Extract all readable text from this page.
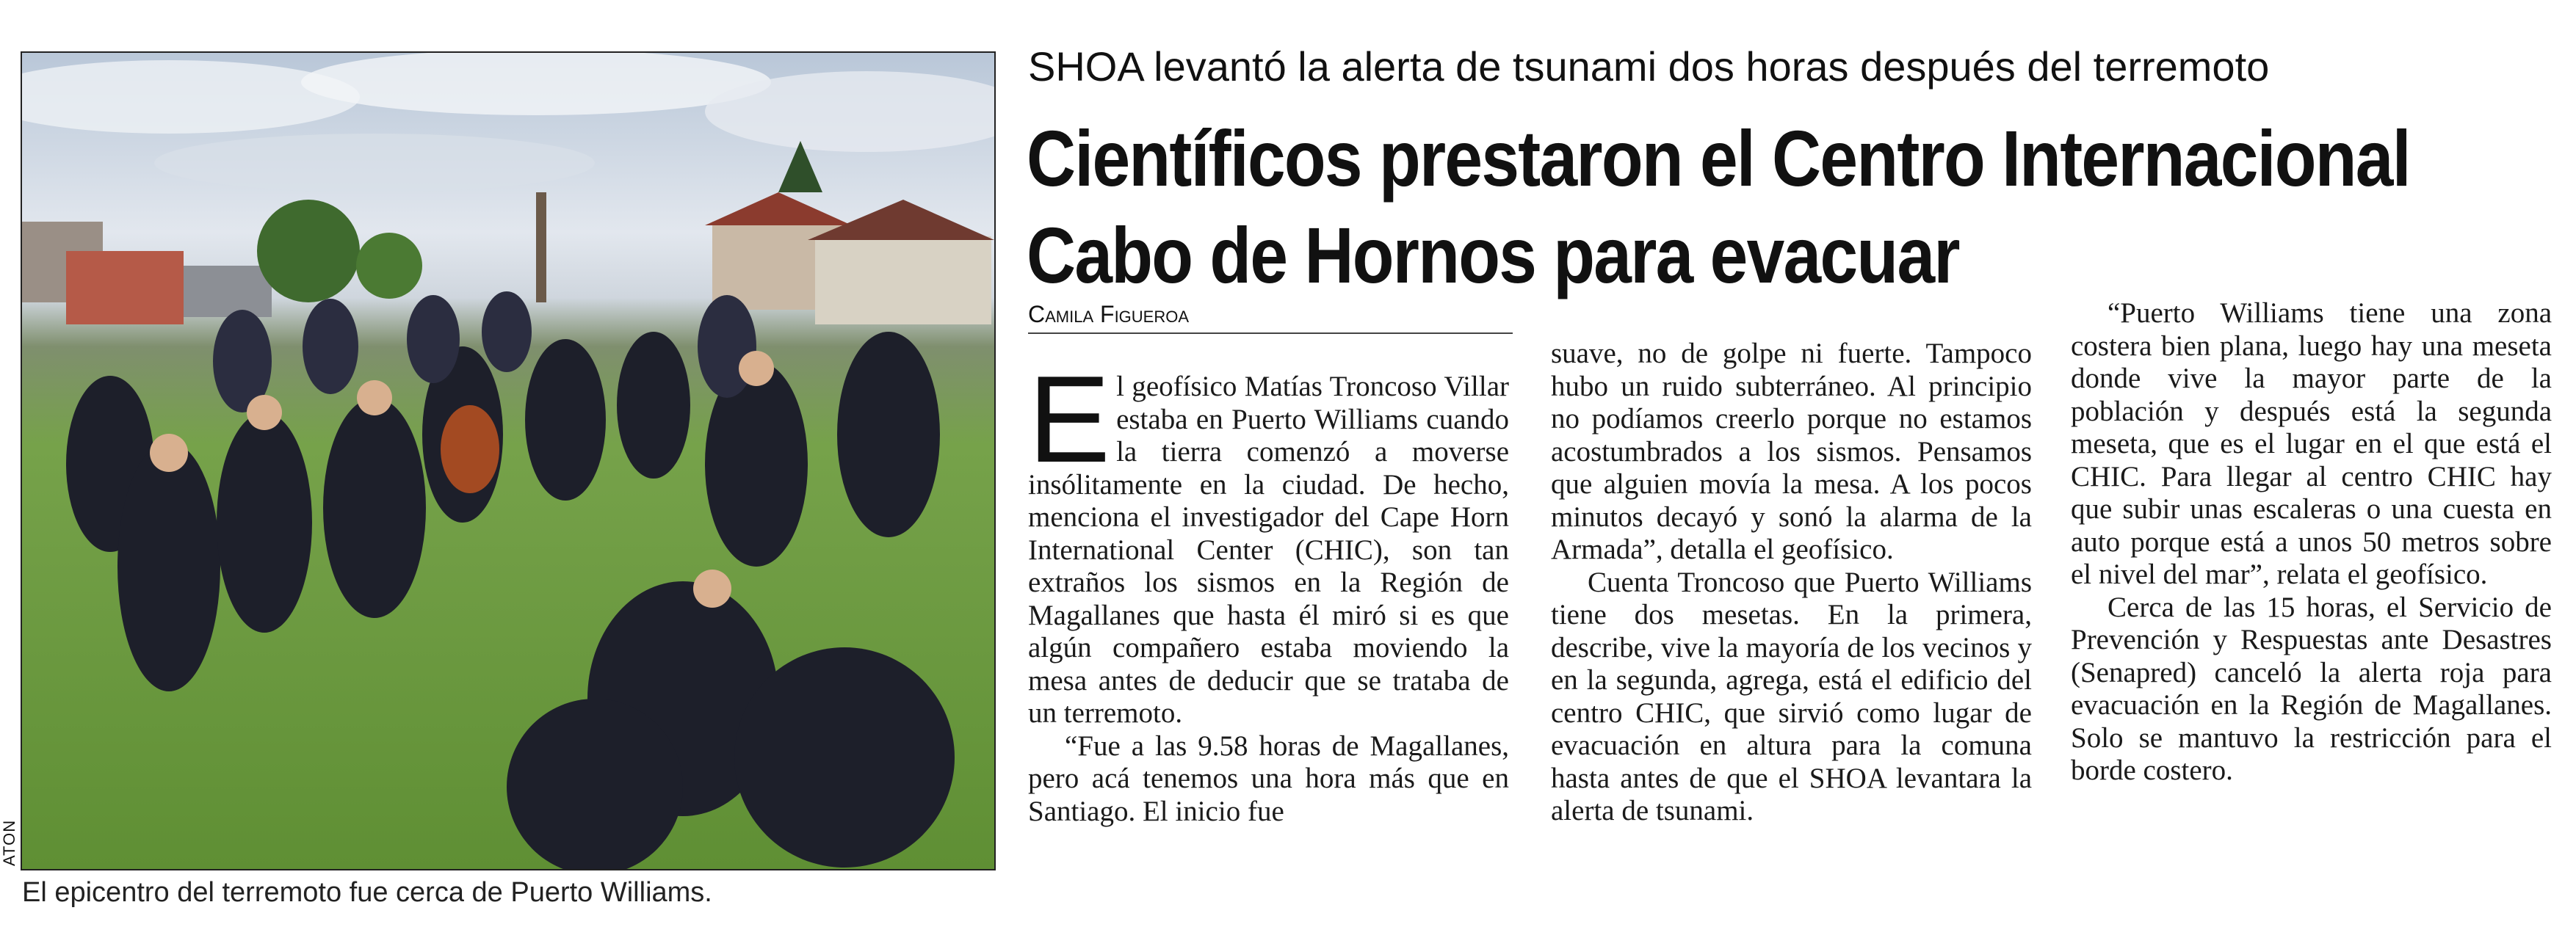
ATON
El epicentro del terremoto fue cerca de Puerto Williams.
SHOA levantó la alerta de tsunami dos horas después del terremoto
Científicos prestaron el Centro Internacional
Cabo de Hornos para evacuar
Camila Figueroa

El geofísico Matías Troncoso Villar estaba en Puerto Williams cuando la tierra comenzó a moverse insólitamente en la ciudad. De hecho, menciona el investigador del Cape Horn International Center (CHIC), son tan extraños los sismos en la Región de Magallanes que hasta él miró si es que algún compañero estaba moviendo la mesa antes de deducir que se trataba de un terremoto.

“Fue a las 9.58 horas de Magallanes, pero acá tenemos una hora más que en Santiago. El inicio fue

suave, no de golpe ni fuerte. Tampoco hubo un ruido subterráneo. Al principio no podíamos creerlo porque no estamos acostumbrados a los sismos. Pensamos que alguien movía la mesa. A los pocos minutos decayó y sonó la alarma de la Armada”, detalla el geofísico.

Cuenta Troncoso que Puerto Williams tiene dos mesetas. En la primera, describe, vive la mayoría de los vecinos y en la segunda, agrega, está el edificio del centro CHIC, que sirvió como lugar de evacuación en altura para la comuna hasta antes de que el SHOA levantara la alerta de tsunami.

“Puerto Williams tiene una zona costera bien plana, luego hay una meseta donde vive la mayor parte de la población y después está la segunda meseta, que es el lugar en el que está el CHIC. Para llegar al centro CHIC hay que subir unas escaleras o una cuesta en auto porque está a unos 50 metros sobre el nivel del mar”, relata el geofísico.

Cerca de las 15 horas, el Servicio de Prevención y Respuestas ante Desastres (Senapred) canceló la alerta roja para evacuación en la Región de Magallanes. Solo se mantuvo la restricción para el borde costero.
